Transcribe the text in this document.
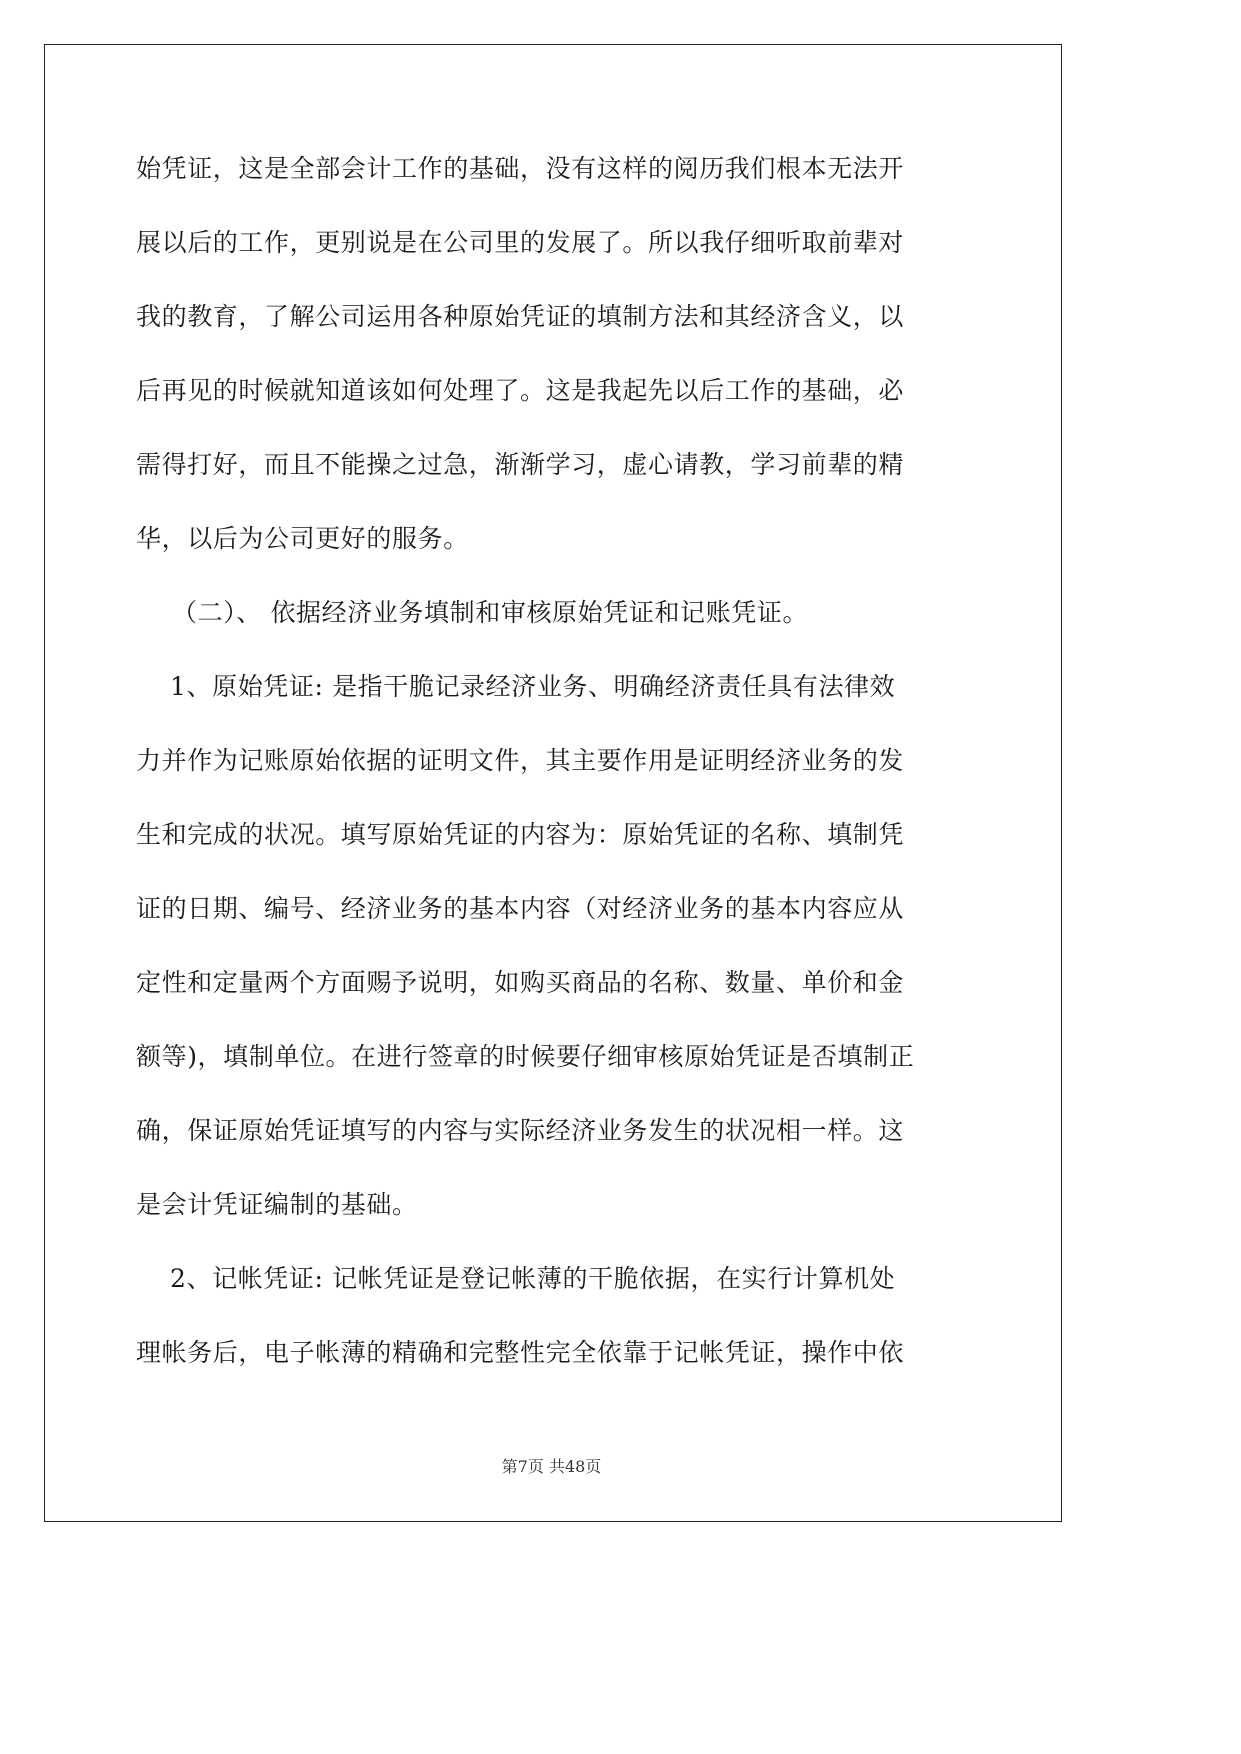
始凭证，这是全部会计工作的基础，没有这样的阅历我们根本无法开
展以后的工作，更别说是在公司里的发展了。所以我仔细听取前辈对
我的教育，了解公司运用各种原始凭证的填制方法和其经济含义，以
后再见的时候就知道该如何处理了。这是我起先以后工作的基础，必
需得打好，而且不能操之过急，渐渐学习，虚心请教，学习前辈的精
华，以后为公司更好的服务。
（二）、 依据经济业务填制和审核原始凭证和记账凭证。
1、原始凭证: 是指干脆记录经济业务、明确经济责任具有法律效
力并作为记账原始依据的证明文件，其主要作用是证明经济业务的发
生和完成的状况。填写原始凭证的内容为：原始凭证的名称、填制凭
证的日期、编号、经济业务的基本内容（对经济业务的基本内容应从
定性和定量两个方面赐予说明，如购买商品的名称、数量、单价和金
额等)，填制单位。在进行签章的时候要仔细审核原始凭证是否填制正
确，保证原始凭证填写的内容与实际经济业务发生的状况相一样。这
是会计凭证编制的基础。
2、记帐凭证: 记帐凭证是登记帐薄的干脆依据，在实行计算机处
理帐务后，电子帐薄的精确和完整性完全依靠于记帐凭证，操作中依
第7页 共48页
